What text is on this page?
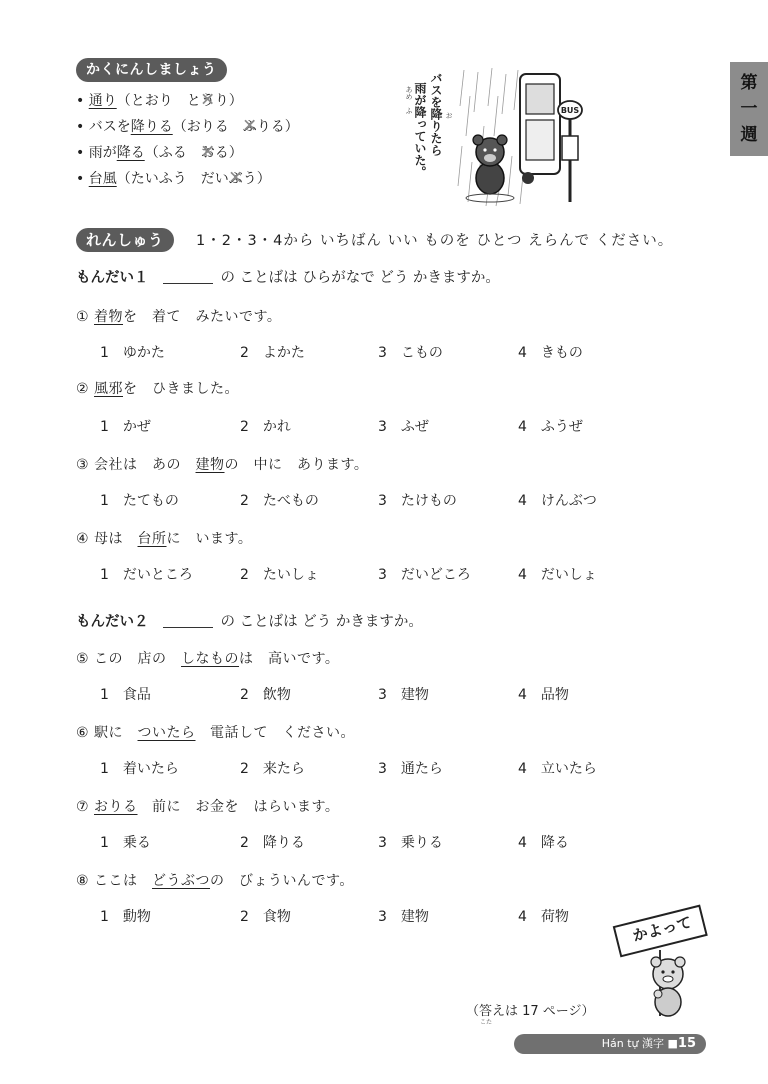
第
一
週
かくにんしましょう
• 通り（とおり　 とう ✕り）
• バスを降りる（おりる　 ふ ✕りる）
• 雨が降る（ふる　 お ✕る）
• 台風（たいふう　 だいぶ ✕う）
あめ　ふ 雨が降っていた。 バスを降りたら お
BUS
れんしゅう	1・2・3・4から いちばん いい ものを ひとつ えらんで ください。
もんだい１	の ことばは ひらがなで どう かきますか。
① 着物を　着て　みたいです。
1　ゆかた	2　よかた	3　こもの	4　きもの
② 風邪を　ひきました。
1　かぜ	2　かれ	3　ふぜ	4　ふうぜ
③ 会社は　あの　建物の　中に　あります。
1　たてもの	2　たべもの	3　たけもの	4　けんぶつ
④ 母は　台所に　います。
1　だいところ	2　たいしょ	3　だいどころ	4　だいしょ
もんだい２	の ことばは どう かきますか。
⑤ この　店の　しなものは　高いです。
1　食品	2　飲物	3　建物	4　品物
⑥ 駅に　ついたら　電話して　ください。
1　着いたら	2　来たら	3　通たら	4　立いたら
⑦ おりる　前に　お金を　はらいます。
1　乗る	2　降りる	3　乗りる	4　降る
⑧ ここは　どうぶつの　びょういんです。
1　動物	2　食物	3　建物	4　荷物	かよって
（答えは 17 ページ）
こた
Hán tự 漢字 ■15
